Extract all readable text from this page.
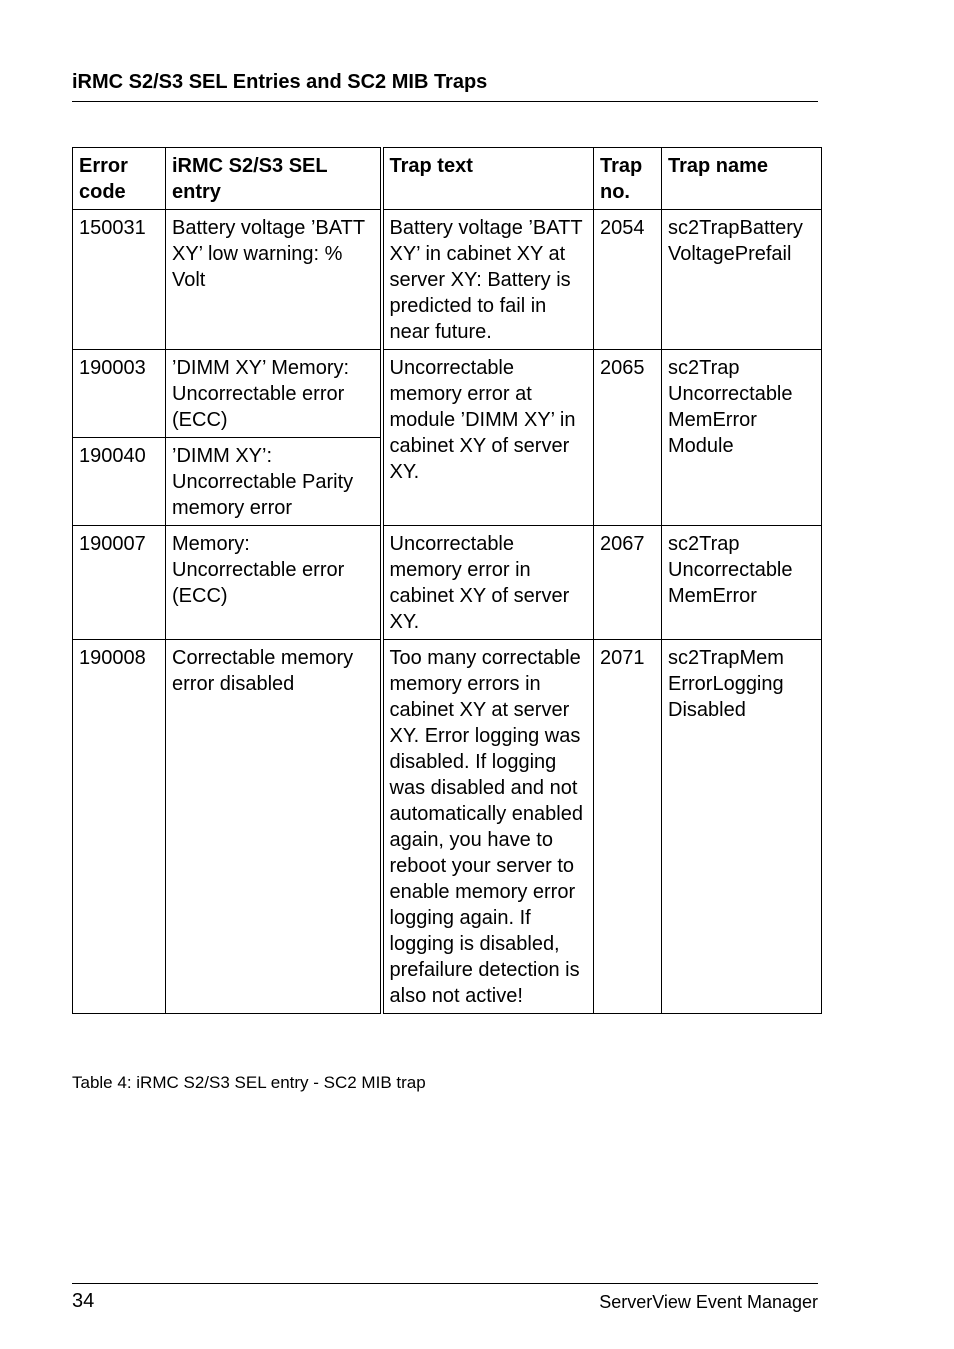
iRMC S2/S3 SEL Entries and SC2 MIB Traps
Error code	iRMC S2/S3 SEL entry	Trap text	Trap no.	Trap name
150031	Battery voltage ’BATT XY’ low warning: % Volt	Battery voltage ’BATT XY’ in cabinet XY at server XY: Battery is predicted to fail in near future.	2054	sc2TrapBattery VoltagePrefail
190003	’DIMM XY’ Memory: Uncorrectable error (ECC)	Uncorrectable memory error at module ’DIMM XY’ in cabinet XY of server XY.	2065	sc2Trap Uncorrectable MemError Module
190040	’DIMM XY’: Uncorrectable Parity memory error			
190007	Memory: Uncorrectable error (ECC)	Uncorrectable memory error in cabinet XY of server XY.	2067	sc2Trap Uncorrectable MemError
190008	Correctable memory error disabled	Too many correctable memory errors in cabinet XY at server XY. Error logging was disabled. If logging was disabled and not automatically enabled again, you have to reboot your server to enable memory error logging again. If logging is disabled, prefailure detection is also not active!	2071	sc2TrapMem ErrorLogging Disabled
Table 4: iRMC S2/S3 SEL entry - SC2 MIB trap
34	ServerView Event Manager
